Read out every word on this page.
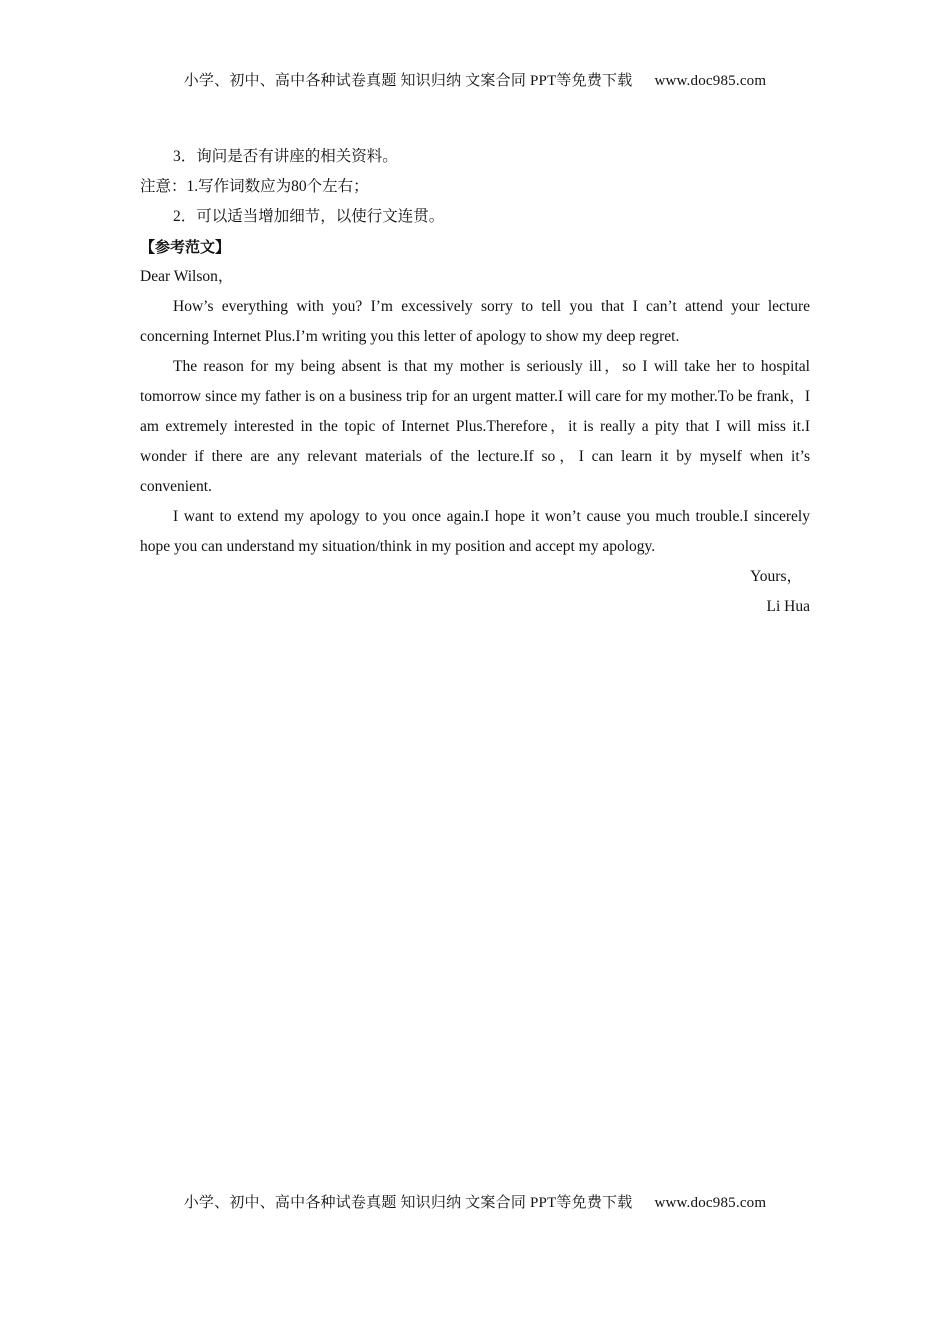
小学、初中、高中各种试卷真题 知识归纳 文案合同 PPT等免费下载 www.doc985.com
3．询问是否有讲座的相关资料。
注意：1.写作词数应为80个左右；
2．可以适当增加细节，以使行文连贯。
【参考范文】
Dear Wilson，

How’s everything with you? I’m excessively sorry to tell you that I can’t attend your lecture concerning Internet Plus.I’m writing you this letter of apology to show my deep regret.

The reason for my being absent is that my mother is seriously ill，so I will take her to hospital tomorrow since my father is on a business trip for an urgent matter.I will care for my mother.To be frank，I am extremely interested in the topic of Internet Plus.Therefore，it is really a pity that I will miss it.I wonder if there are any relevant materials of the lecture.If so，I can learn it by myself when it’s convenient.

I want to extend my apology to you once again.I hope it won’t cause you much trouble.I sincerely hope you can understand my situation/think in my position and accept my apology.

Yours，
Li Hua
小学、初中、高中各种试卷真题 知识归纳 文案合同 PPT等免费下载 www.doc985.com
